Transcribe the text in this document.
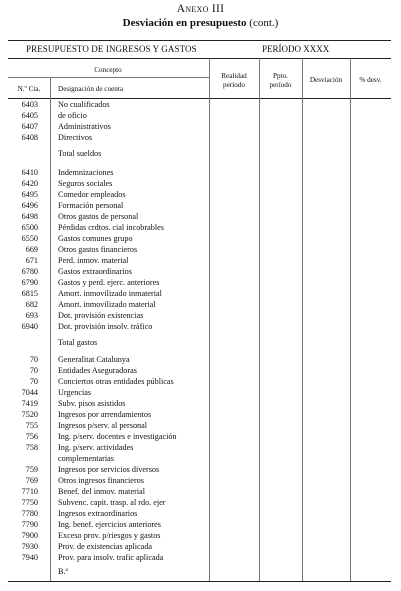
Anexo III
Desviación en presupuesto (cont.)
PRESUPUESTO DE INGRESOS Y GASTOS	PERÍODO XXXX
Concepto
N.º Cta.	Designación de cuenta
Realidad
período
Ppto.
período
Desviación	% desv.
6403 No cualificados
6405 de oficio
6407 Administrativos
6408 Directivos
Total sueldos
6410 Indemnizaciones
6420 Seguros sociales
6495 Comedor empleados
6496 Formación personal
6498 Otros gastos de personal
6500 Pérdidas crdtos. cial incobrables
6550 Gastos comunes grupo
669 Otros gastos financieros
671 Perd. inmov. material
6780 Gastos extraordinarios
6790 Gastos y perd. ejerc. anteriores
6815 Amort. inmovilizado inmaterial
682 Amort. inmovilizado material
693 Dot. provisión existencias
6940 Dot. provisión insolv. tráfico
Total gastos
70 Generalitat Catalunya
70 Entidades Aseguradoras
70 Conciertos otras entidades públicas
7044 Urgencias
7419 Subv. pisos asistidos
7520 Ingresos por arrendamientos
755 Ingresos p/serv. al personal
756 Ing. p/serv. docentes e investigación
758 Ing. p/serv. actividades
complementarias
759 Ingresos por servicios diversos
769 Otros ingresos financieros
7710 Benef. del inmov. material
7750 Subvenc. capit. trasp. al rdo. ejer
7780 Ingresos extraordinarios
7790 Ing. benef. ejercicios anteriores
7900 Exceso prov. p/riesgos y gastos
7930 Prov. de existencias aplicada
7940 Prov. para insolv. trafic aplicada
B.º
